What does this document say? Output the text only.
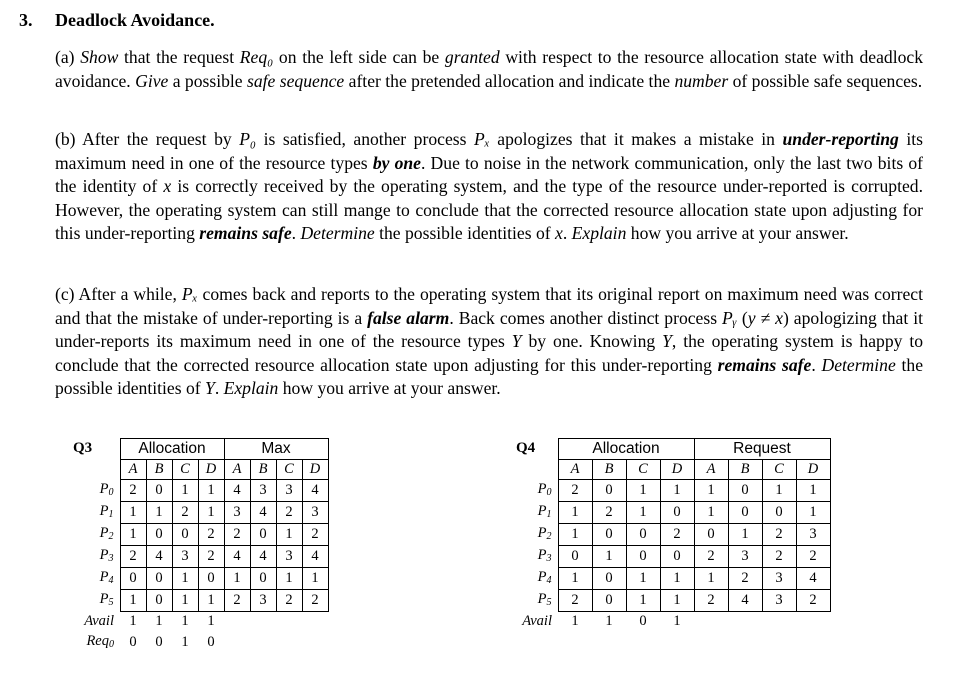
3. Deadlock Avoidance.
(a) Show that the request Req₀ on the left side can be granted with respect to the resource allocation state with deadlock avoidance. Give a possible safe sequence after the pretended allocation and indicate the number of possible safe sequences.
(b) After the request by P₀ is satisfied, another process Pₓ apologizes that it makes a mistake in under-reporting its maximum need in one of the resource types by one. Due to noise in the network communication, only the last two bits of the identity of x is correctly received by the operating system, and the type of the resource under-reported is corrupted. However, the operating system can still mange to conclude that the corrected resource allocation state upon adjusting for this under-reporting remains safe. Determine the possible identities of x. Explain how you arrive at your answer.
(c) After a while, Pₓ comes back and reports to the operating system that its original report on maximum need was correct and that the mistake of under-reporting is a false alarm. Back comes another distinct process Pᵧ (y ≠ x) apologizing that it under-reports its maximum need in one of the resource types Y by one. Knowing Y, the operating system is happy to conclude that the corrected resource allocation state upon adjusting for this under-reporting remains safe. Determine the possible identities of Y. Explain how you arrive at your answer.
Q3	Allocation				Max			
	A	B	C	D	A	B	C	D
$P_0$	2	0	1	1	4	3	3	4
$P_1$	1	1	2	1	3	4	2	3
$P_2$	1	0	0	2	2	0	1	2
$P_3$	2	4	3	2	4	4	3	4
$P_4$	0	0	1	0	1	0	1	1
$P_5$	1	0	1	1	2	3	2	2
Avail	1	1	1	1				
Req$_0$	0	0	1	0				
Q4	Allocation				Request			
	A	B	C	D	A	B	C	D
$P_0$	2	0	1	1	1	0	1	1
$P_1$	1	2	1	0	1	0	0	1
$P_2$	1	0	0	2	0	1	2	3
$P_3$	0	1	0	0	2	3	2	2
$P_4$	1	0	1	1	1	2	3	4
$P_5$	2	0	1	1	2	4	3	2
Avail	1	1	0	1				
